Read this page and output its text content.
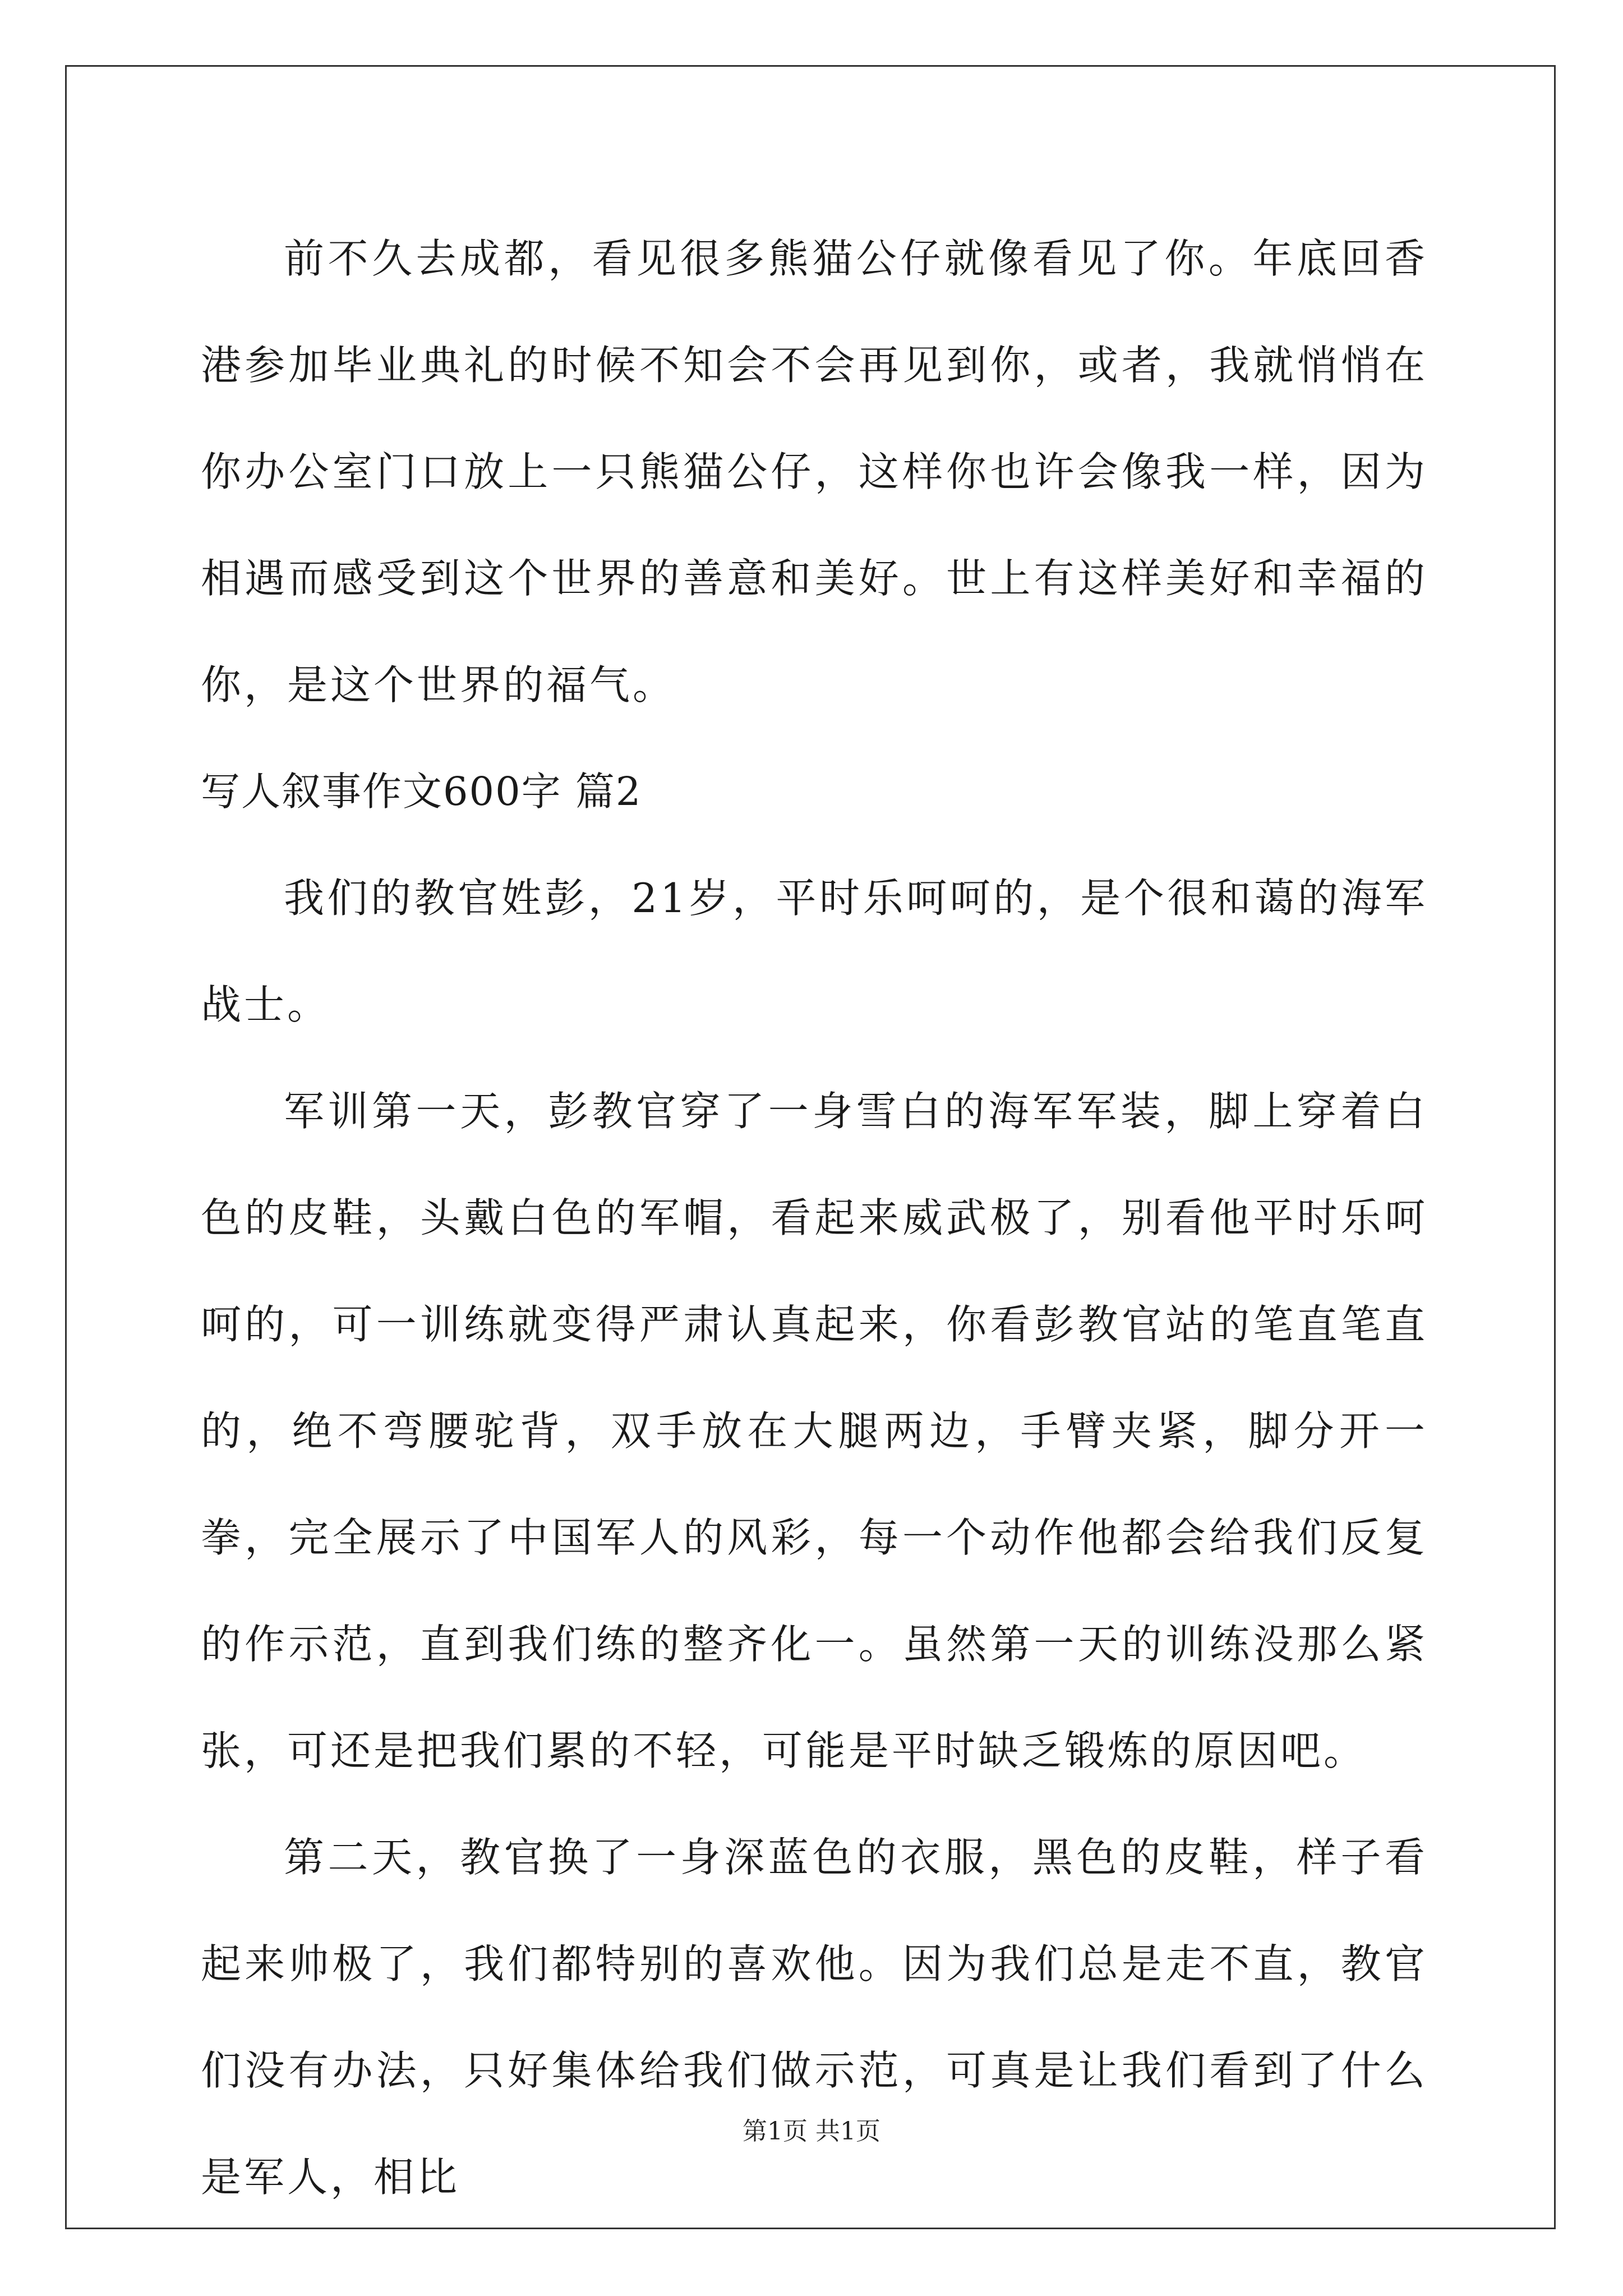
前不久去成都，看见很多熊猫公仔就像看见了你。年底回香港参加毕业典礼的时候不知会不会再见到你，或者，我就悄悄在你办公室门口放上一只熊猫公仔，这样你也许会像我一样，因为相遇而感受到这个世界的善意和美好。世上有这样美好和幸福的你，是这个世界的福气。

写人叙事作文600字 篇2

我们的教官姓彭，21岁，平时乐呵呵的，是个很和蔼的海军战士。

军训第一天，彭教官穿了一身雪白的海军军装，脚上穿着白色的皮鞋，头戴白色的军帽，看起来威武极了，别看他平时乐呵呵的，可一训练就变得严肃认真起来，你看彭教官站的笔直笔直的，绝不弯腰驼背，双手放在大腿两边，手臂夹紧，脚分开一拳，完全展示了中国军人的风彩，每一个动作他都会给我们反复的作示范，直到我们练的整齐化一。虽然第一天的训练没那么紧张，可还是把我们累的不轻，可能是平时缺乏锻炼的原因吧。

第二天，教官换了一身深蓝色的衣服，黑色的皮鞋，样子看起来帅极了，我们都特别的喜欢他。因为我们总是走不直，教官们没有办法，只好集体给我们做示范，可真是让我们看到了什么是军人，相比

第1页 共1页
